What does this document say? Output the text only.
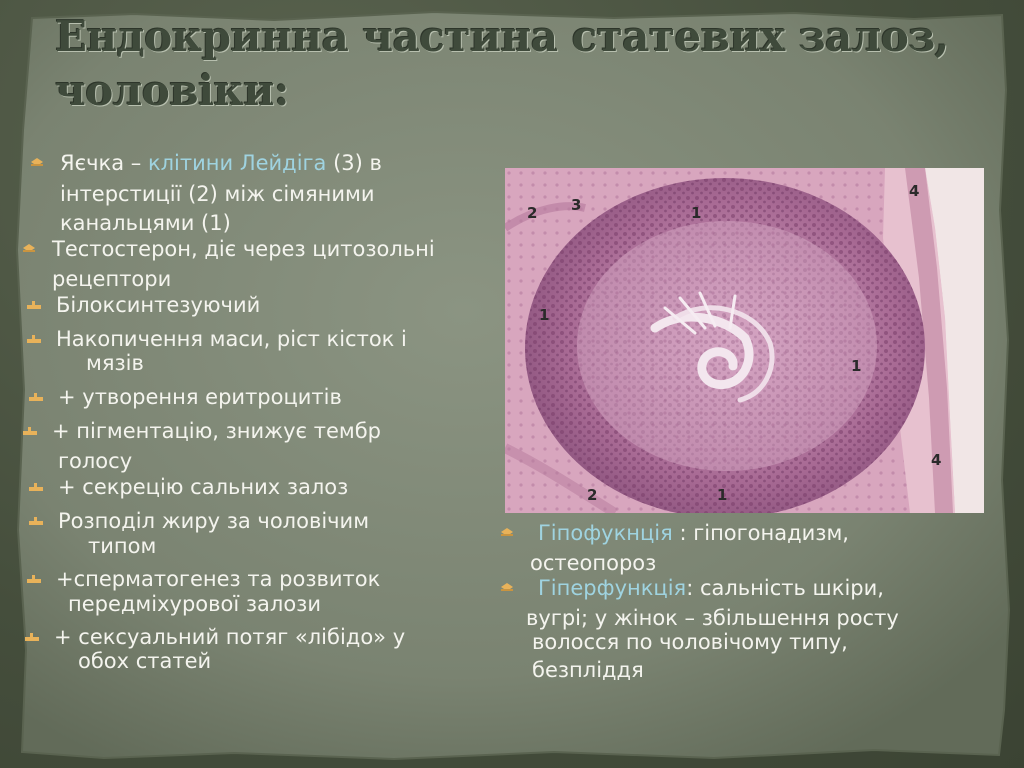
Ендокринна частина статевих залоз,
чоловіки:
Яєчка – клітини Лейдіга (3) в
інтерстиції (2) між сімяними
канальцями (1)
Тестостерон, діє через цитозольні
рецептори
Білоксинтезуючий
Накопичення маси, ріст кісток і
мязів
+ утворення еритроцитів
+ пігментацію, знижує тембр
голосу
+ секрецію сальних залоз
Розподіл жиру за чоловічим
типом
+сперматогенез та розвиток
передміхурової залози
+ сексуальний потяг «лібідо» у
обох статей
2 3	1
4
1
1
4
2	1
Гіпофукнція : гіпогонадизм,
остеопороз
Гіперфункція: сальність шкіри,
вугрі; у жінок – збільшення росту
волосся по чоловічому типу,
безпліддя
